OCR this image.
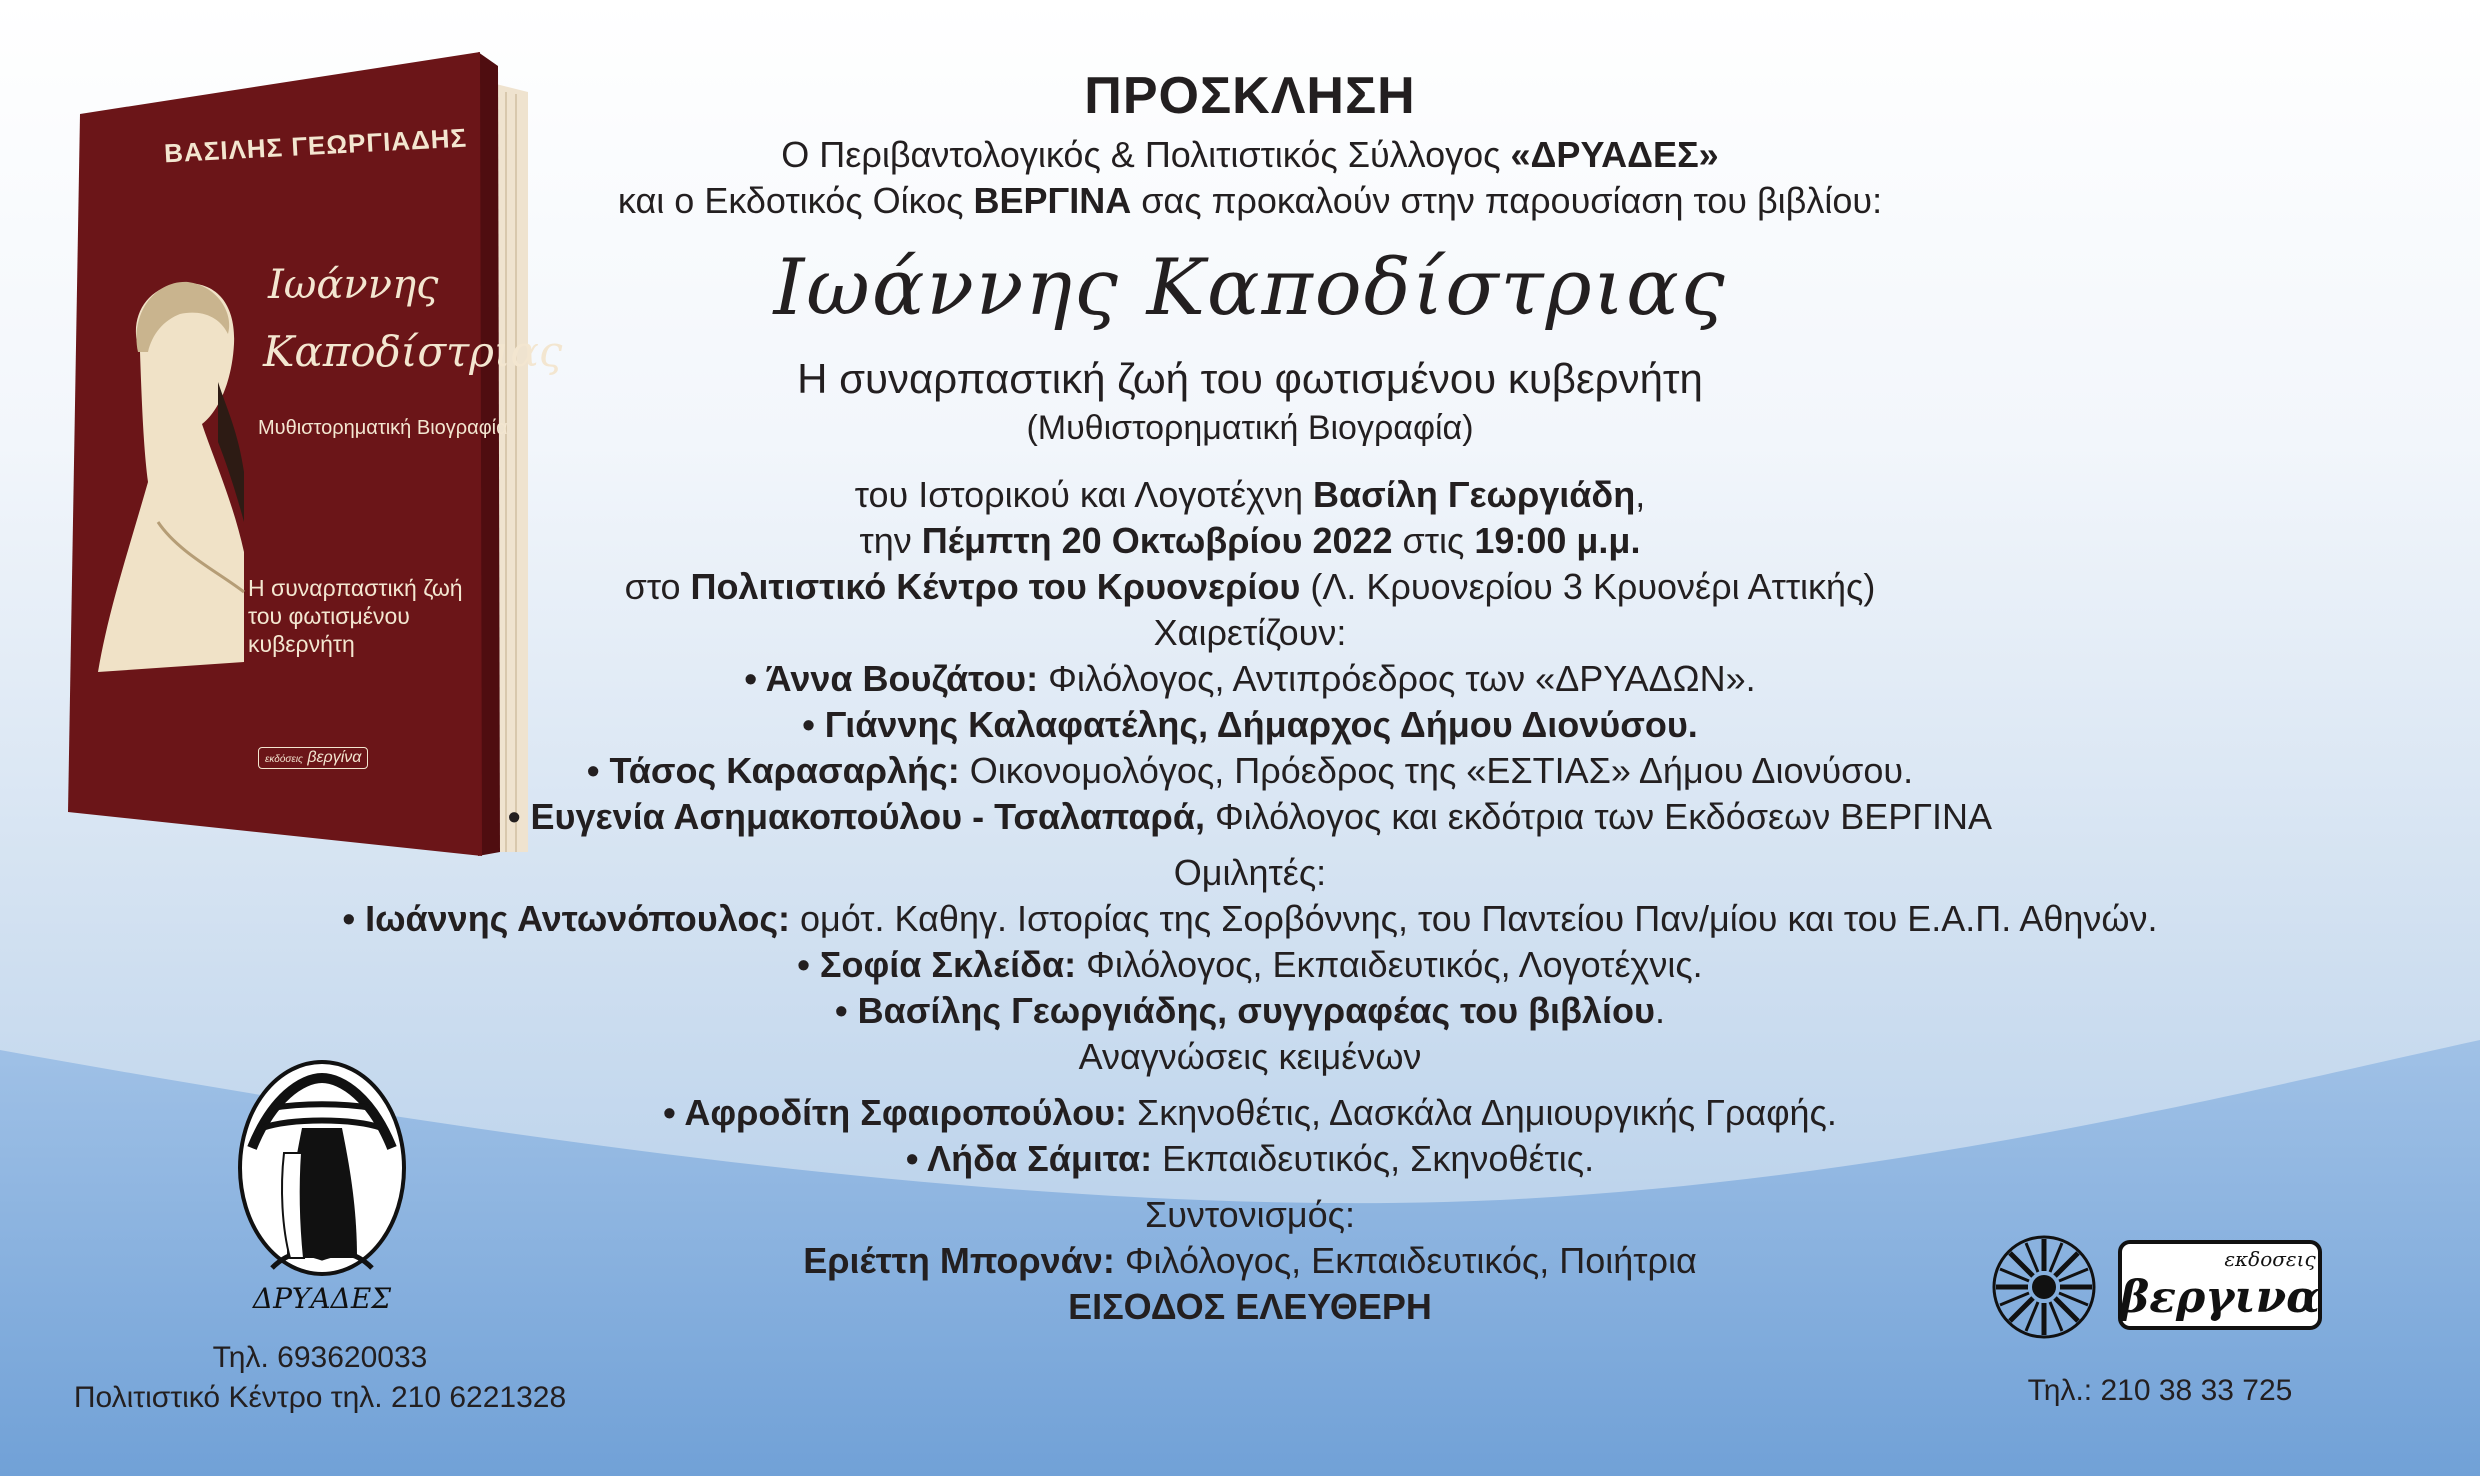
ΒΑΣΙΛΗΣ ΓΕΩΡΓΙΑΔΗΣ
Ιωάννης
Καποδίστριας
Μυθιστορηματική Βιογραφία
Η συναρπαστική ζωή του φωτισμένου κυβερνήτη
εκδόσεις βεργίνα
ΠΡΟΣΚΛΗΣΗ
Ο Περιβαντολογικός & Πολιτιστικός Σύλλογος «ΔΡΥΑΔΕΣ»
και ο Εκδοτικός Οίκος ΒΕΡΓΙΝΑ σας προκαλούν στην παρουσίαση του βιβλίου:
Ιωάννης Καποδίστριας
Η συναρπαστική ζωή του φωτισμένου κυβερνήτη
(Μυθιστορηματική Βιογραφία)
του Ιστορικού και Λογοτέχνη Βασίλη Γεωργιάδη,
την Πέμπτη 20 Οκτωβρίου 2022 στις 19:00 μ.μ.
στο Πολιτιστικό Κέντρο του Κρυονερίου (Λ. Κρυονερίου 3 Κρυονέρι Αττικής)
Χαιρετίζουν:
• Άννα Βουζάτου: Φιλόλογος, Αντιπρόεδρος των «ΔΡΥΑΔΩΝ».
• Γιάννης Καλαφατέλης, Δήμαρχος Δήμου Διονύσου.
• Τάσος Καρασαρλής: Οικονομολόγος, Πρόεδρος της «ΕΣΤΙΑΣ» Δήμου Διονύσου.
• Ευγενία Ασημακοπούλου - Τσαλαπαρά, Φιλόλογος και εκδότρια των Εκδόσεων ΒΕΡΓΙΝΑ
Ομιλητές:
• Ιωάννης Αντωνόπουλος: ομότ. Καθηγ. Ιστορίας της Σορβόννης, του Παντείου Παν/μίου και του Ε.Α.Π. Αθηνών.
• Σοφία Σκλείδα: Φιλόλογος, Εκπαιδευτικός, Λογοτέχνις.
• Βασίλης Γεωργιάδης, συγγραφέας του βιβλίου.
Αναγνώσεις κειμένων
• Αφροδίτη Σφαιροπούλου: Σκηνοθέτις, Δασκάλα Δημιουργικής Γραφής.
• Λήδα Σάμιτα: Εκπαιδευτικός, Σκηνοθέτις.
Συντονισμός:
Εριέττη Μπορνάν: Φιλόλογος, Εκπαιδευτικός, Ποιήτρια
ΕΙΣΟΔΟΣ ΕΛΕΥΘΕΡΗ
ΔΡΥΑΔΕΣ
Τηλ. 693620033
Πολιτιστικό Κέντρο τηλ. 210 6221328
εκδοσεις
βεργινα
Τηλ.: 210 38 33 725
